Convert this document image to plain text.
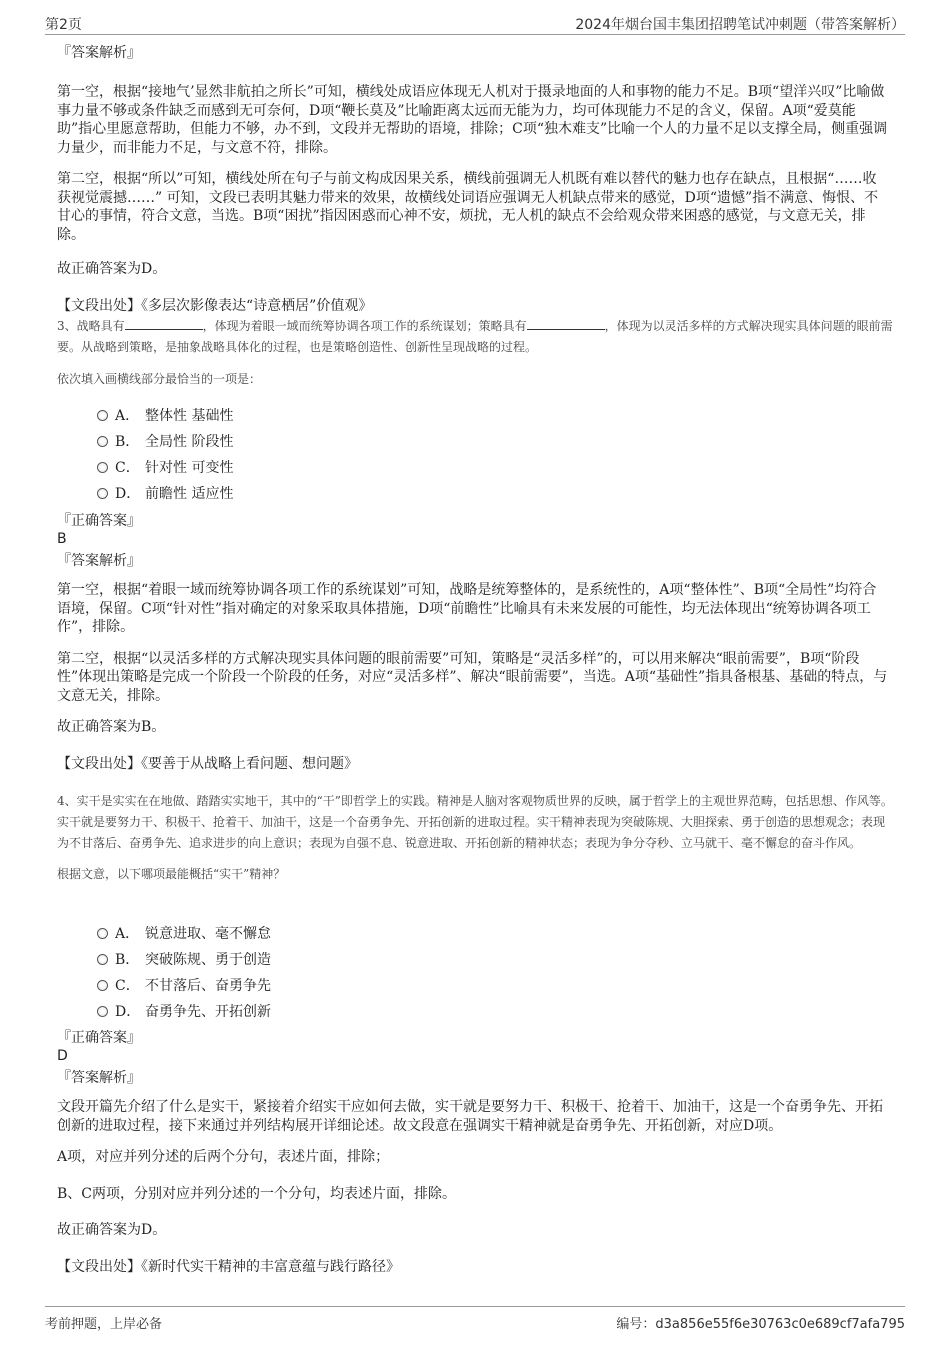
第2页	2024年烟台国丰集团招聘笔试冲刺题（带答案解析）

『答案解析』

第一空，根据“接地气’显然非航拍之所长”可知，横线处成语应体现无人机对于摄录地面的人和事物的能力不足。B项“望洋兴叹”比喻做事力量不够或条件缺乏而感到无可奈何，D项“鞭长莫及”比喻距离太远而无能为力，均可体现能力不足的含义，保留。A项“爱莫能助”指心里愿意帮助，但能力不够，办不到，文段并无帮助的语境，排除；C项“独木难支”比喻一个人的力量不足以支撑全局，侧重强调力量少，而非能力不足，与文意不符，排除。

第二空，根据“所以”可知，横线处所在句子与前文构成因果关系，横线前强调无人机既有难以替代的魅力也存在缺点，且根据“……收获视觉震撼……” 可知，文段已表明其魅力带来的效果，故横线处词语应强调无人机缺点带来的感觉，D项“遗憾”指不满意、悔恨、不甘心的事情，符合文意，当选。B项“困扰”指因困惑而心神不安，烦扰，无人机的缺点不会给观众带来困惑的感觉，与文意无关，排除。

故正确答案为D。

【文段出处】《多层次影像表达“诗意栖居”价值观》

3、战略具有	，体现为着眼一域而统筹协调各项工作的系统谋划；策略具有	，体现为以灵活多样的方式解决现实具体问题的眼前需要。从战略到策略，是抽象战略具体化的过程，也是策略创造性、创新性呈现战略的过程。

依次填入画横线部分最恰当的一项是：

A． 整体性 基础性
B． 全局性 阶段性
C． 针对性 可变性
D． 前瞻性 适应性

『正确答案』

B

『答案解析』

第一空，根据“着眼一域而统筹协调各项工作的系统谋划”可知，战略是统筹整体的，是系统性的，A项“整体性”、B项“全局性”均符合语境，保留。C项“针对性”指对确定的对象采取具体措施，D项“前瞻性”比喻具有未来发展的可能性，均无法体现出“统筹协调各项工作”，排除。

第二空，根据“以灵活多样的方式解决现实具体问题的眼前需要”可知，策略是“灵活多样”的，可以用来解决“眼前需要”，B项“阶段性”体现出策略是完成一个阶段一个阶段的任务，对应“灵活多样”、解决“眼前需要”，当选。A项“基础性”指具备根基、基础的特点，与文意无关，排除。

故正确答案为B。

【文段出处】《要善于从战略上看问题、想问题》

4、实干是实实在在地做、踏踏实实地干，其中的“干”即哲学上的实践。精神是人脑对客观物质世界的反映，属于哲学上的主观世界范畴，包括思想、作风等。实干就是要努力干、积极干、抢着干、加油干，这是一个奋勇争先、开拓创新的进取过程。实干精神表现为突破陈规、大胆探索、勇于创造的思想观念；表现为不甘落后、奋勇争先、追求进步的向上意识；表现为自强不息、锐意进取、开拓创新的精神状态；表现为争分夺秒、立马就干、毫不懈怠的奋斗作风。

根据文意，以下哪项最能概括“实干”精神？

A． 锐意进取、毫不懈怠
B． 突破陈规、勇于创造
C． 不甘落后、奋勇争先
D． 奋勇争先、开拓创新

『正确答案』

D

『答案解析』

文段开篇先介绍了什么是实干，紧接着介绍实干应如何去做，实干就是要努力干、积极干、抢着干、加油干，这是一个奋勇争先、开拓创新的进取过程，接下来通过并列结构展开详细论述。故文段意在强调实干精神就是奋勇争先、开拓创新，对应D项。

A项，对应并列分述的后两个分句，表述片面，排除；

B、C两项，分别对应并列分述的一个分句，均表述片面，排除。

故正确答案为D。

【文段出处】《新时代实干精神的丰富意蕴与践行路径》

考前押题，上岸必备	编号：d3a856e55f6e30763c0e689cf7afa795
